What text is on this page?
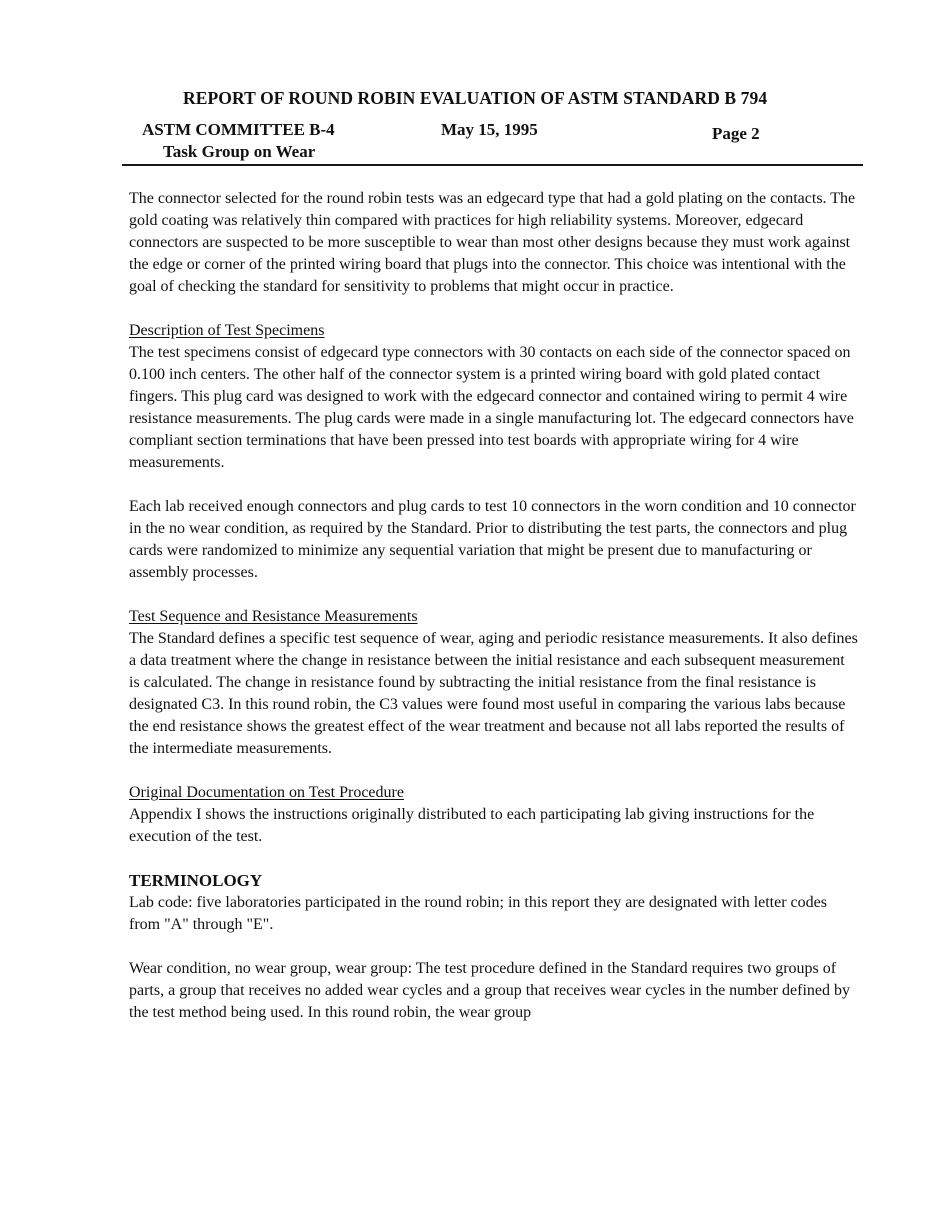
REPORT OF ROUND ROBIN EVALUATION OF ASTM STANDARD B 794
ASTM COMMITTEE B-4
Task Group on Wear
May 15, 1995	Page 2

The connector selected for the round robin tests was an edgecard type that had a gold plating on the contacts. The gold coating was relatively thin compared with practices for high reliability systems. Moreover, edgecard connectors are suspected to be more susceptible to wear than most other designs because they must work against the edge or corner of the printed wiring board that plugs into the connector. This choice was intentional with the goal of checking the standard for sensitivity to problems that might occur in practice.

Description of Test Specimens

The test specimens consist of edgecard type connectors with 30 contacts on each side of the connector spaced on 0.100 inch centers. The other half of the connector system is a printed wiring board with gold plated contact fingers. This plug card was designed to work with the edgecard connector and contained wiring to permit 4 wire resistance measurements. The plug cards were made in a single manufacturing lot. The edgecard connectors have compliant section terminations that have been pressed into test boards with appropriate wiring for 4 wire measurements.

Each lab received enough connectors and plug cards to test 10 connectors in the worn condition and 10 connector in the no wear condition, as required by the Standard. Prior to distributing the test parts, the connectors and plug cards were randomized to minimize any sequential variation that might be present due to manufacturing or assembly processes.

Test Sequence and Resistance Measurements

The Standard defines a specific test sequence of wear, aging and periodic resistance measurements. It also defines a data treatment where the change in resistance between the initial resistance and each subsequent measurement is calculated. The change in resistance found by subtracting the initial resistance from the final resistance is designated C3. In this round robin, the C3 values were found most useful in comparing the various labs because the end resistance shows the greatest effect of the wear treatment and because not all labs reported the results of the intermediate measurements.

Original Documentation on Test Procedure

Appendix I shows the instructions originally distributed to each participating lab giving instructions for the execution of the test.

TERMINOLOGY

Lab code: five laboratories participated in the round robin; in this report they are designated with letter codes from "A" through "E".

Wear condition, no wear group, wear group: The test procedure defined in the Standard requires two groups of parts, a group that receives no added wear cycles and a group that receives wear cycles in the number defined by the test method being used. In this round robin, the wear group
